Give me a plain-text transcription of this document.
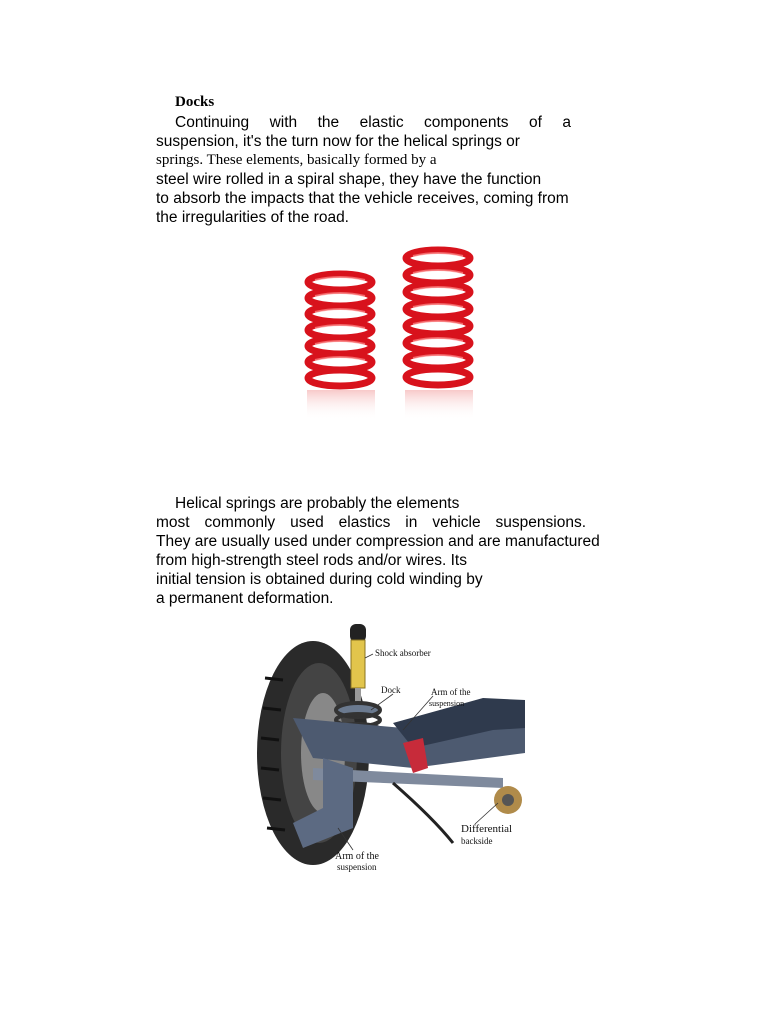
Docks
Continuing with the elastic components of a
suspension, it's the turn now for the helical springs or
springs. These elements, basically formed by a
steel wire rolled in a spiral shape, they have the function
to absorb the impacts that the vehicle receives, coming from
the irregularities of the road.
Helical springs are probably the elements
most commonly used elastics in vehicle suspensions.
They are usually used under compression and are manufactured
from high-strength steel rods and/or wires. Its
initial tension is obtained during cold winding by
a permanent deformation.
Shock absorber
Dock	Arm of the
suspension
Differential
backside
Arm of the
suspension
